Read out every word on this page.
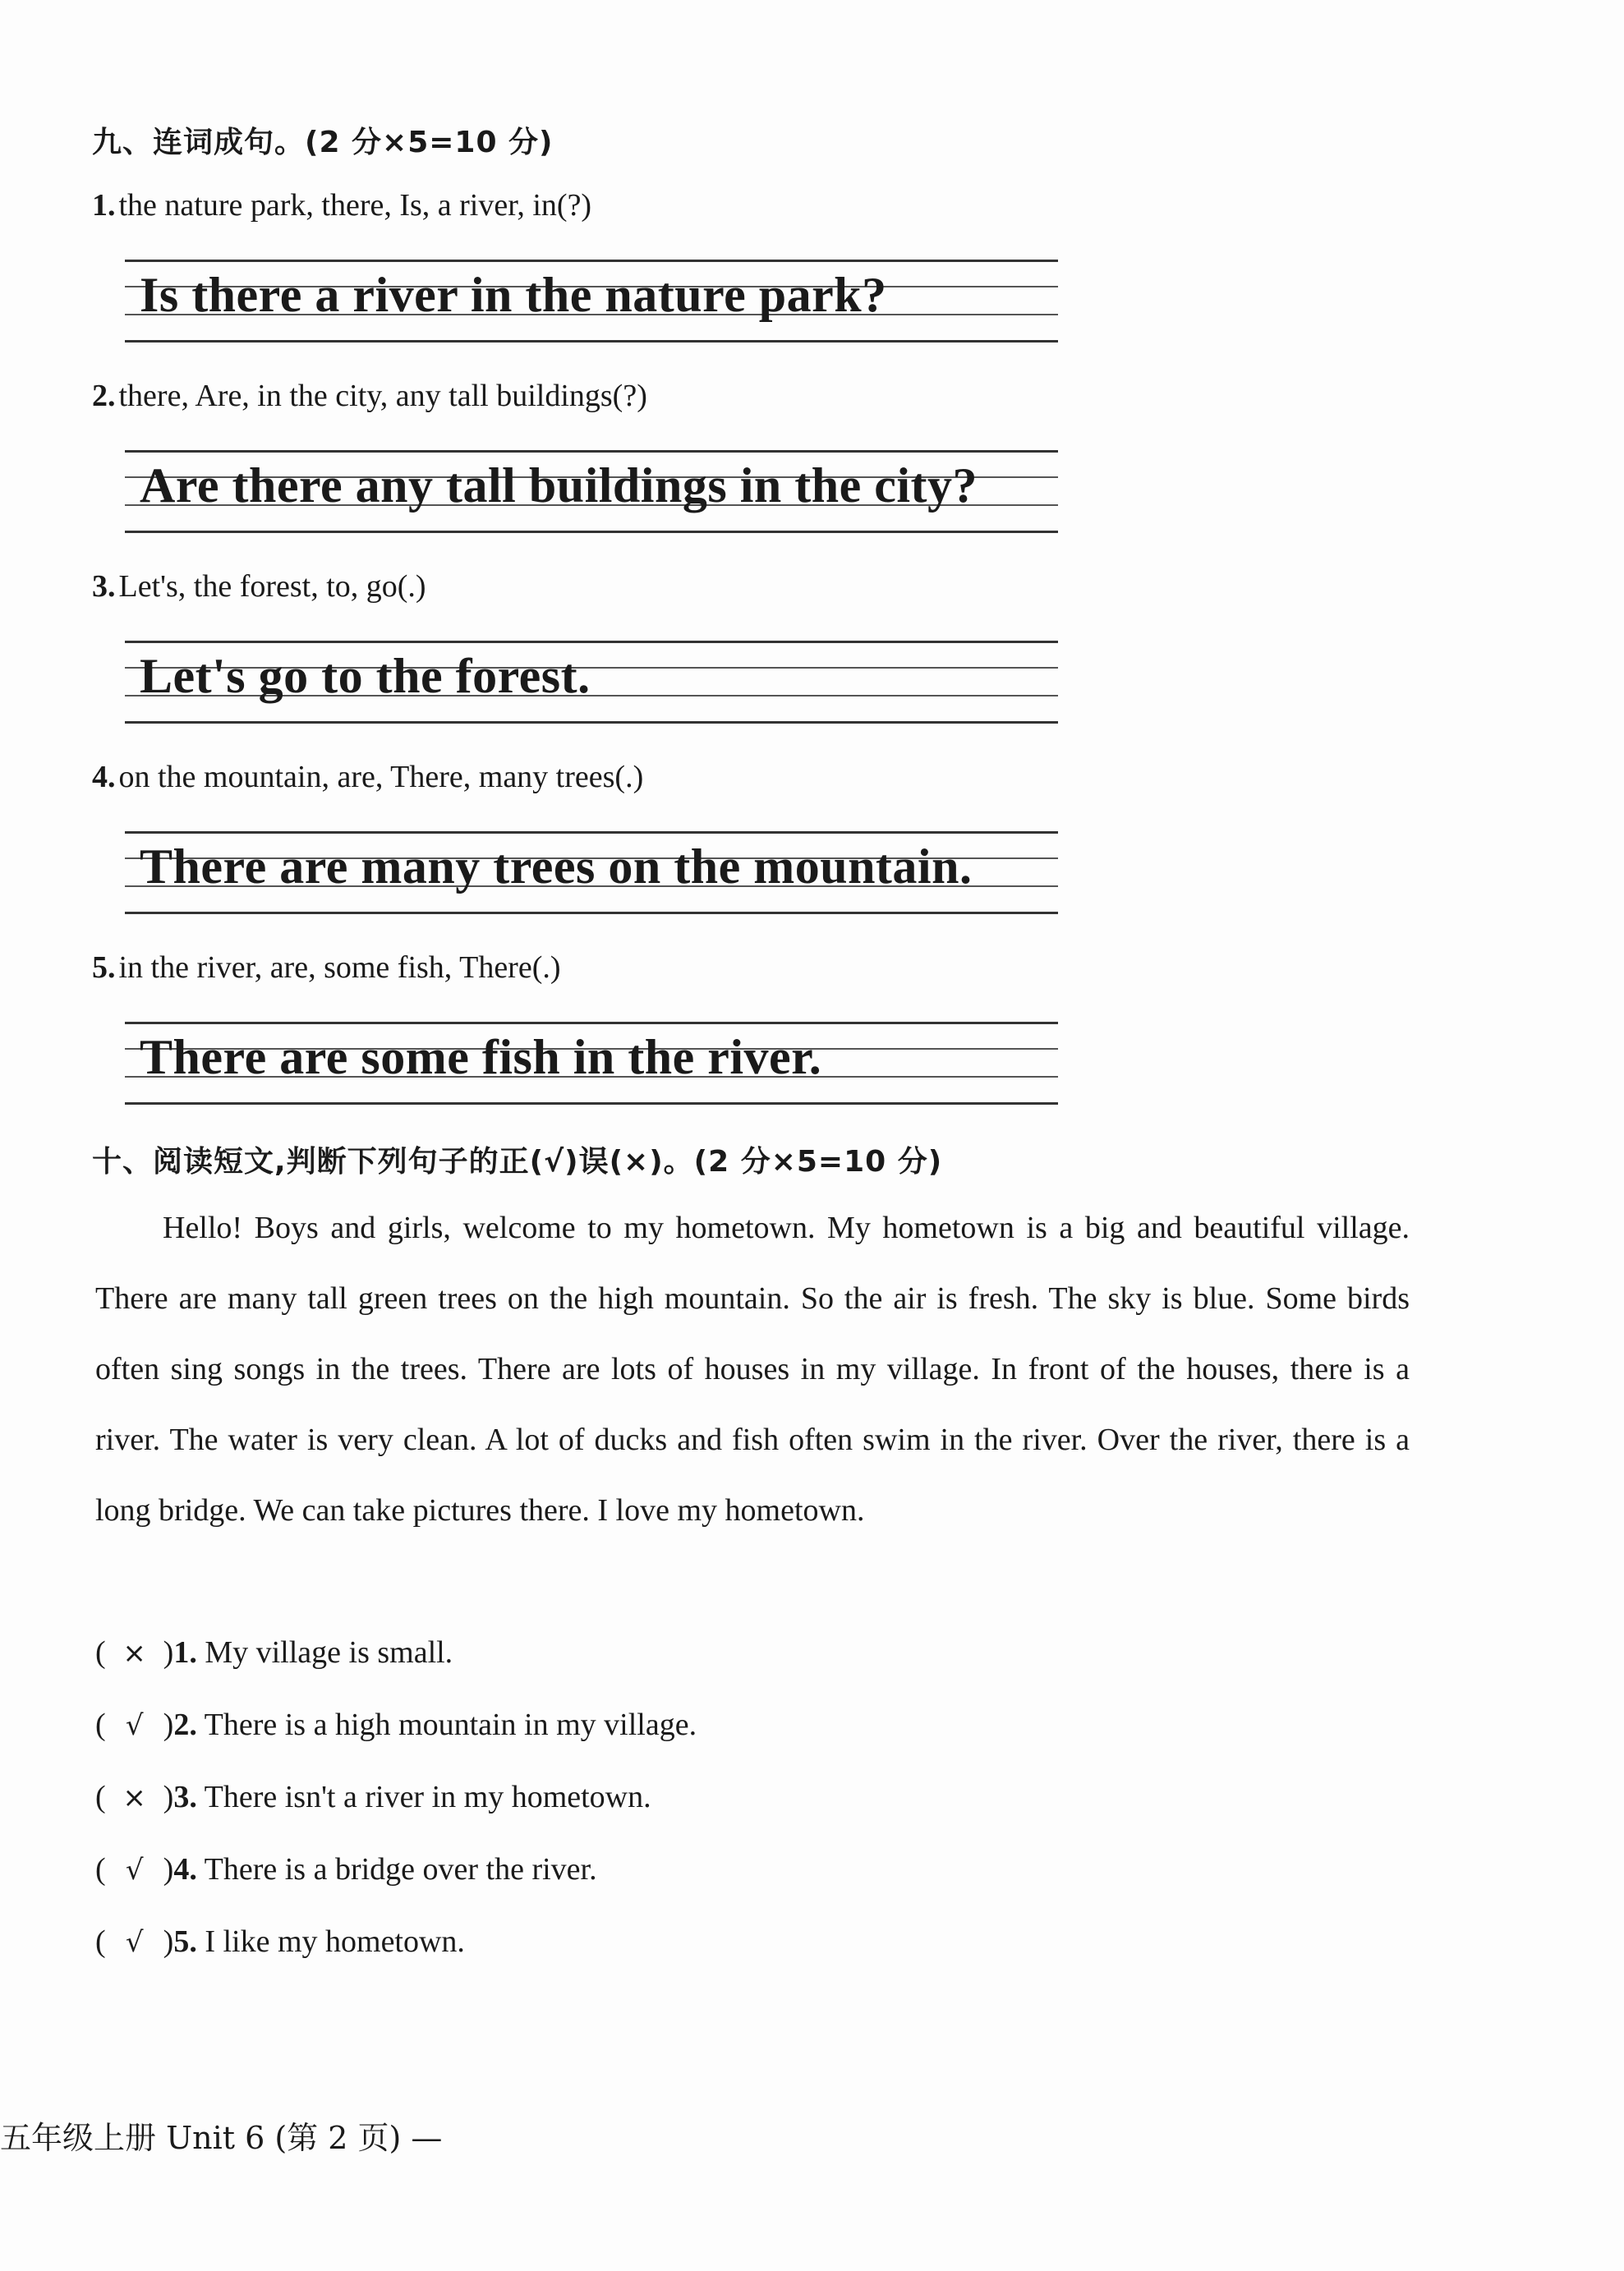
九、连词成句。(2 分×5=10 分)
1. the nature park, there, Is, a river, in(?)
Is there a river in the nature park?
2. there, Are, in the city, any tall buildings(?)
Are there any tall buildings in the city?
3. Let's, the forest, to, go(.)
Let's go to the forest.
4. on the mountain, are, There, many trees(.)
There are many trees on the mountain.
5. in the river, are, some fish, There(.)
There are some fish in the river.
十、阅读短文,判断下列句子的正(√)误(×)。(2 分×5=10 分)

Hello! Boys and girls, welcome to my hometown. My hometown is a big and beautiful village. There are many tall green trees on the high mountain. So the air is fresh. The sky is blue. Some birds often sing songs in the trees. There are lots of houses in my village. In front of the houses, there is a river. The water is very clean. A lot of ducks and fish often swim in the river. Over the river, there is a long bridge. We can take pictures there. I love my hometown.

( × )1. My village is small.
( √ )2. There is a high mountain in my village.
( × )3. There isn't a river in my hometown.
( √ )4. There is a bridge over the river.
( √ )5. I like my hometown.
五年级上册 Unit 6 (第 2 页) —
